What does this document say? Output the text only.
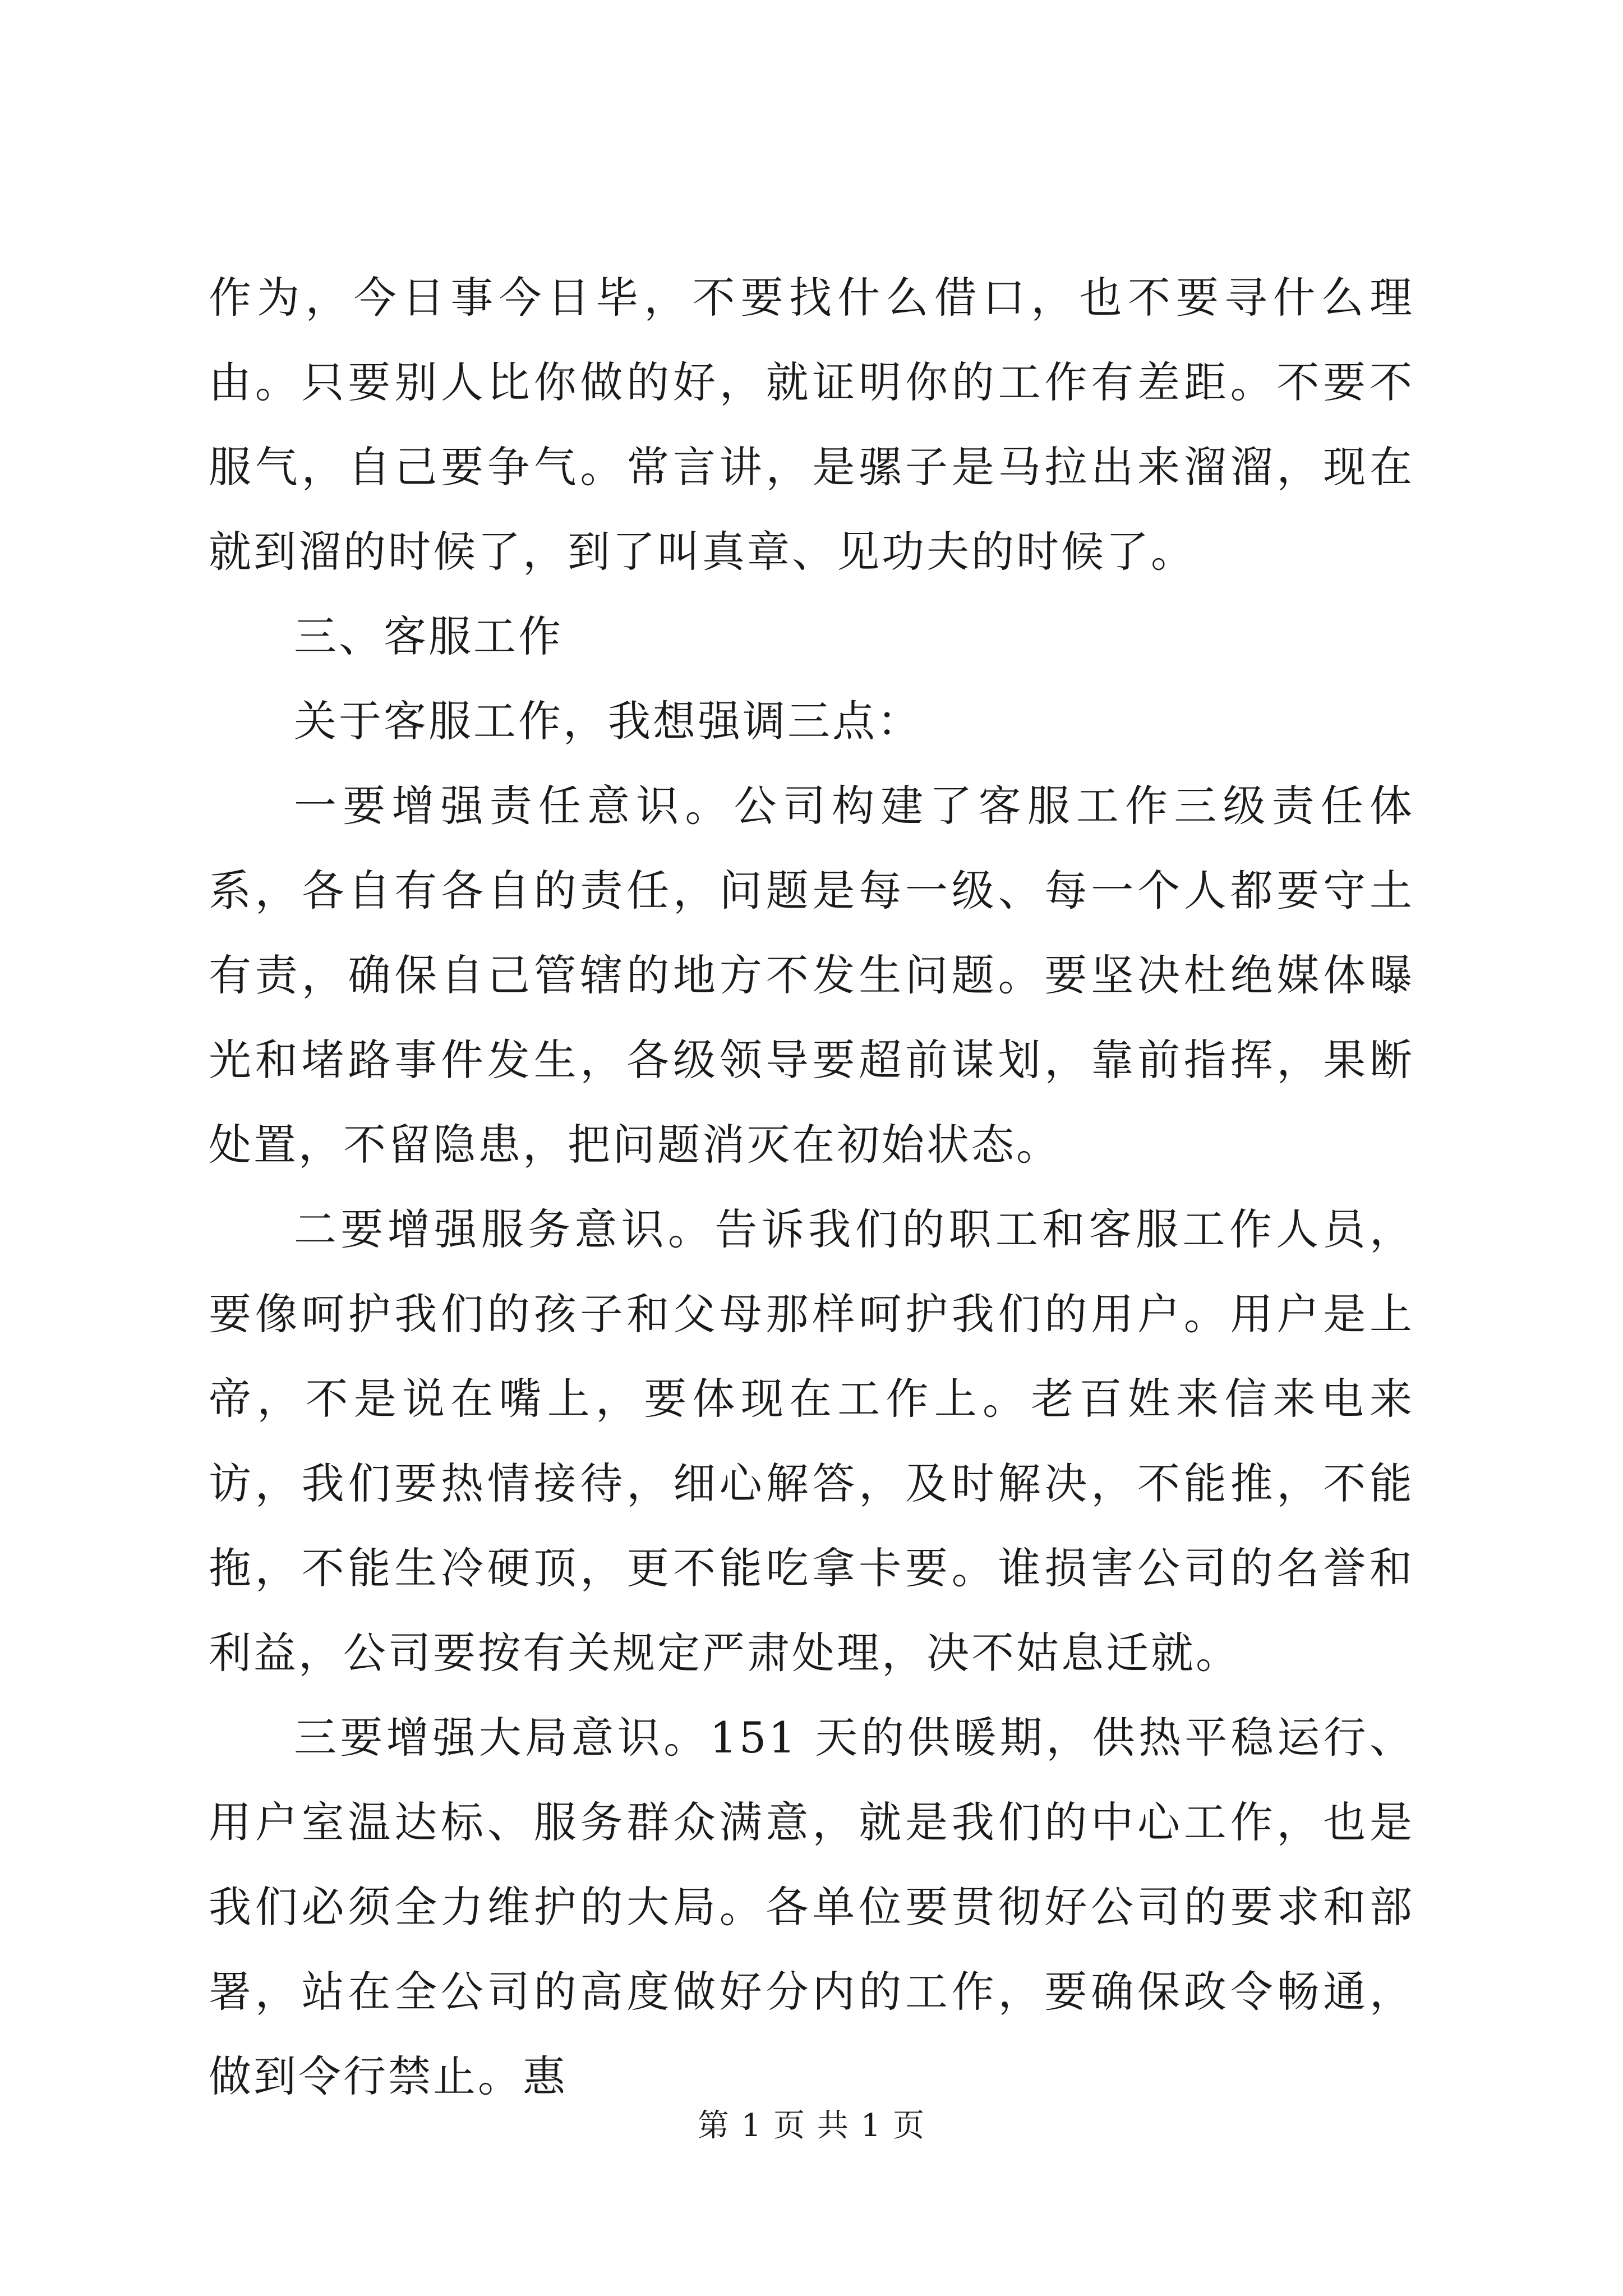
作为，今日事今日毕，不要找什么借口，也不要寻什么理由。只要别人比你做的好，就证明你的工作有差距。不要不服气，自己要争气。常言讲，是骡子是马拉出来溜溜，现在就到溜的时候了，到了叫真章、见功夫的时候了。

三、客服工作

关于客服工作，我想强调三点：

一要增强责任意识。公司构建了客服工作三级责任体系，各自有各自的责任，问题是每一级、每一个人都要守土有责，确保自己管辖的地方不发生问题。要坚决杜绝媒体曝光和堵路事件发生，各级领导要超前谋划，靠前指挥，果断处置，不留隐患，把问题消灭在初始状态。

二要增强服务意识。告诉我们的职工和客服工作人员，要像呵护我们的孩子和父母那样呵护我们的用户。用户是上帝，不是说在嘴上，要体现在工作上。老百姓来信来电来访，我们要热情接待，细心解答，及时解决，不能推，不能拖，不能生冷硬顶，更不能吃拿卡要。谁损害公司的名誉和利益，公司要按有关规定严肃处理，决不姑息迁就。

三要增强大局意识。151 天的供暖期，供热平稳运行、用户室温达标、服务群众满意，就是我们的中心工作，也是我们必须全力维护的大局。各单位要贯彻好公司的要求和部署，站在全公司的高度做好分内的工作，要确保政令畅通，做到令行禁止。惠

第 1 页 共 1 页
